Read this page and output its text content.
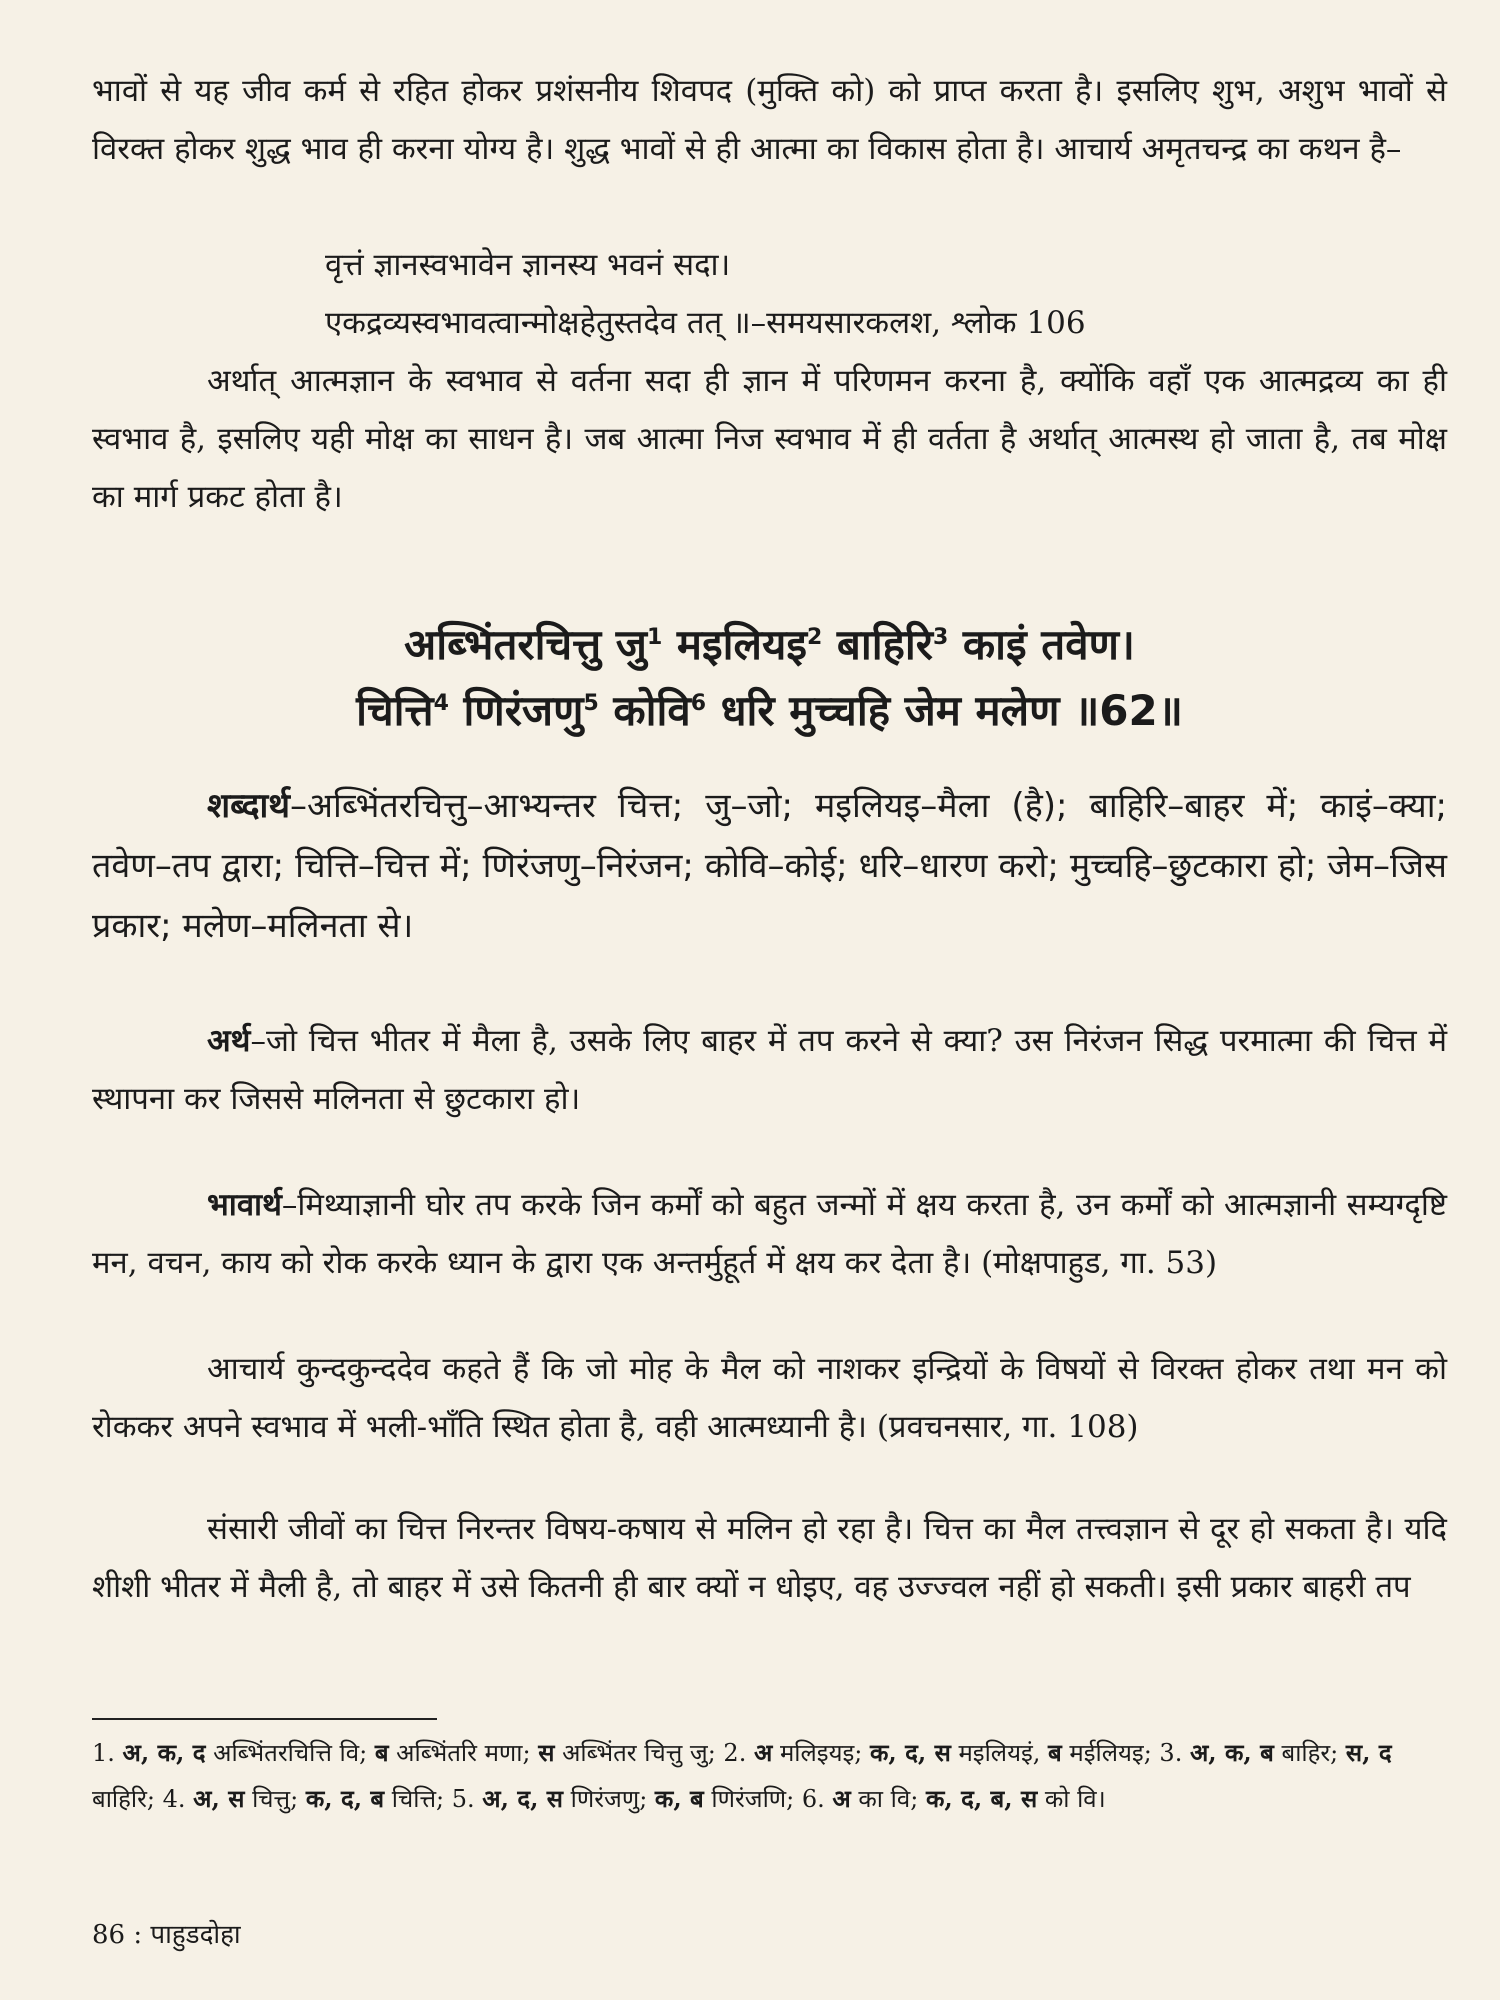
भावों से यह जीव कर्म से रहित होकर प्रशंसनीय शिवपद (मुक्ति को) को प्राप्त करता है। इसलिए शुभ, अशुभ भावों से विरक्त होकर शुद्ध भाव ही करना योग्य है। शुद्ध भावों से ही आत्मा का विकास होता है। आचार्य अमृतचन्द्र का कथन है–

वृत्तं ज्ञानस्वभावेन ज्ञानस्य भवनं सदा।

एकद्रव्यस्वभावत्वान्मोक्षहेतुस्तदेव तत् ॥–समयसारकलश, श्लोक 106

अर्थात् आत्मज्ञान के स्वभाव से वर्तना सदा ही ज्ञान में परिणमन करना है, क्योंकि वहाँ एक आत्मद्रव्य का ही स्वभाव है, इसलिए यही मोक्ष का साधन है। जब आत्मा निज स्वभाव में ही वर्तता है अर्थात् आत्मस्थ हो जाता है, तब मोक्ष का मार्ग प्रकट होता है।

अब्भिंतरचित्तु जु$^1$ मइलियइ$^2$ बाहिरि$^3$ काइं तवेण।
चित्ति$^4$ णिरंजणु$^5$ कोवि$^6$ धरि मुच्चहि जेम मलेण ॥62॥

शब्दार्थ–अब्भिंतरचित्तु–आभ्यन्तर चित्त; जु–जो; मइलियइ–मैला (है); बाहिरि–बाहर में; काइं–क्या; तवेण–तप द्वारा; चित्ति–चित्त में; णिरंजणु–निरंजन; कोवि–कोई; धरि–धारण करो; मुच्चहि–छुटकारा हो; जेम–जिस प्रकार; मलेण–मलिनता से।

अर्थ–जो चित्त भीतर में मैला है, उसके लिए बाहर में तप करने से क्या? उस निरंजन सिद्ध परमात्मा की चित्त में स्थापना कर जिससे मलिनता से छुटकारा हो।

भावार्थ–मिथ्याज्ञानी घोर तप करके जिन कर्मों को बहुत जन्मों में क्षय करता है, उन कर्मों को आत्मज्ञानी सम्यग्दृष्टि मन, वचन, काय को रोक करके ध्यान के द्वारा एक अन्तर्मुहूर्त में क्षय कर देता है। (मोक्षपाहुड, गा. 53)

आचार्य कुन्दकुन्ददेव कहते हैं कि जो मोह के मैल को नाशकर इन्द्रियों के विषयों से विरक्त होकर तथा मन को रोककर अपने स्वभाव में भली-भाँति स्थित होता है, वही आत्मध्यानी है। (प्रवचनसार, गा. 108)

संसारी जीवों का चित्त निरन्तर विषय-कषाय से मलिन हो रहा है। चित्त का मैल तत्त्वज्ञान से दूर हो सकता है। यदि शीशी भीतर में मैली है, तो बाहर में उसे कितनी ही बार क्यों न धोइए, वह उज्ज्वल नहीं हो सकती। इसी प्रकार बाहरी तप

1. अ, क, द अब्भिंतरचित्ति वि; ब अब्भिंतरि मणा; स अब्भिंतर चित्तु जु; 2. अ मलिइयइ; क, द, स मइलियइं, ब मईलियइ; 3. अ, क, ब बाहिर; स, द बाहिरि; 4. अ, स चित्तु; क, द, ब चित्ति; 5. अ, द, स णिरंजणु; क, ब णिरंजणि; 6. अ का वि; क, द, ब, स को वि।

86 : पाहुडदोहा
